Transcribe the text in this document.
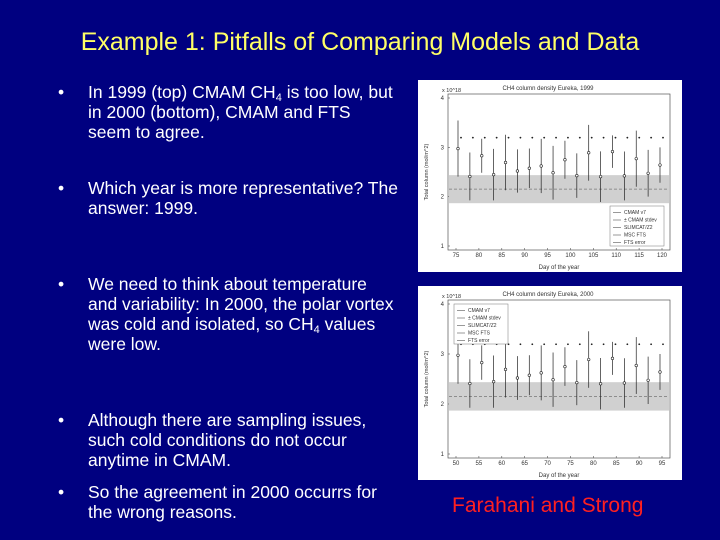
Example 1: Pitfalls of Comparing Models and Data
•	In 1999 (top) CMAM $CH_4$ is too low, but in 2000 (bottom), CMAM and FTS seem to agree.
•	Which year is more representative? The answer: 1999.
•	We need to think about temperature and variability: In 2000, the polar vortex was cold and isolated, so $CH_4$ values were low.
•	Although there are sampling issues, such cold conditions do not occur anytime in CMAM.
•	So the agreement in 2000 occurrs for the wrong reasons.
CH4 column density Eureka, 1999
x 10^18
Total column (mol/m^2)
Day of the year
75	80	85	90	95 100 105 110 115 120
4
3
2
1
CMAM v7
± CMAM stdev
SLIMCAT/Z2
MSC FTS
FTS error
CH4 column density Eureka, 2000
x 10^18
Total column (mol/m^2)
Day of the year
50	55	60	65	70	75	80	85	90	95
4
3
2
1
CMAM v7
± CMAM stdev
SLIMCAT/Z2
MSC FTS
FTS error
Farahani and Strong
